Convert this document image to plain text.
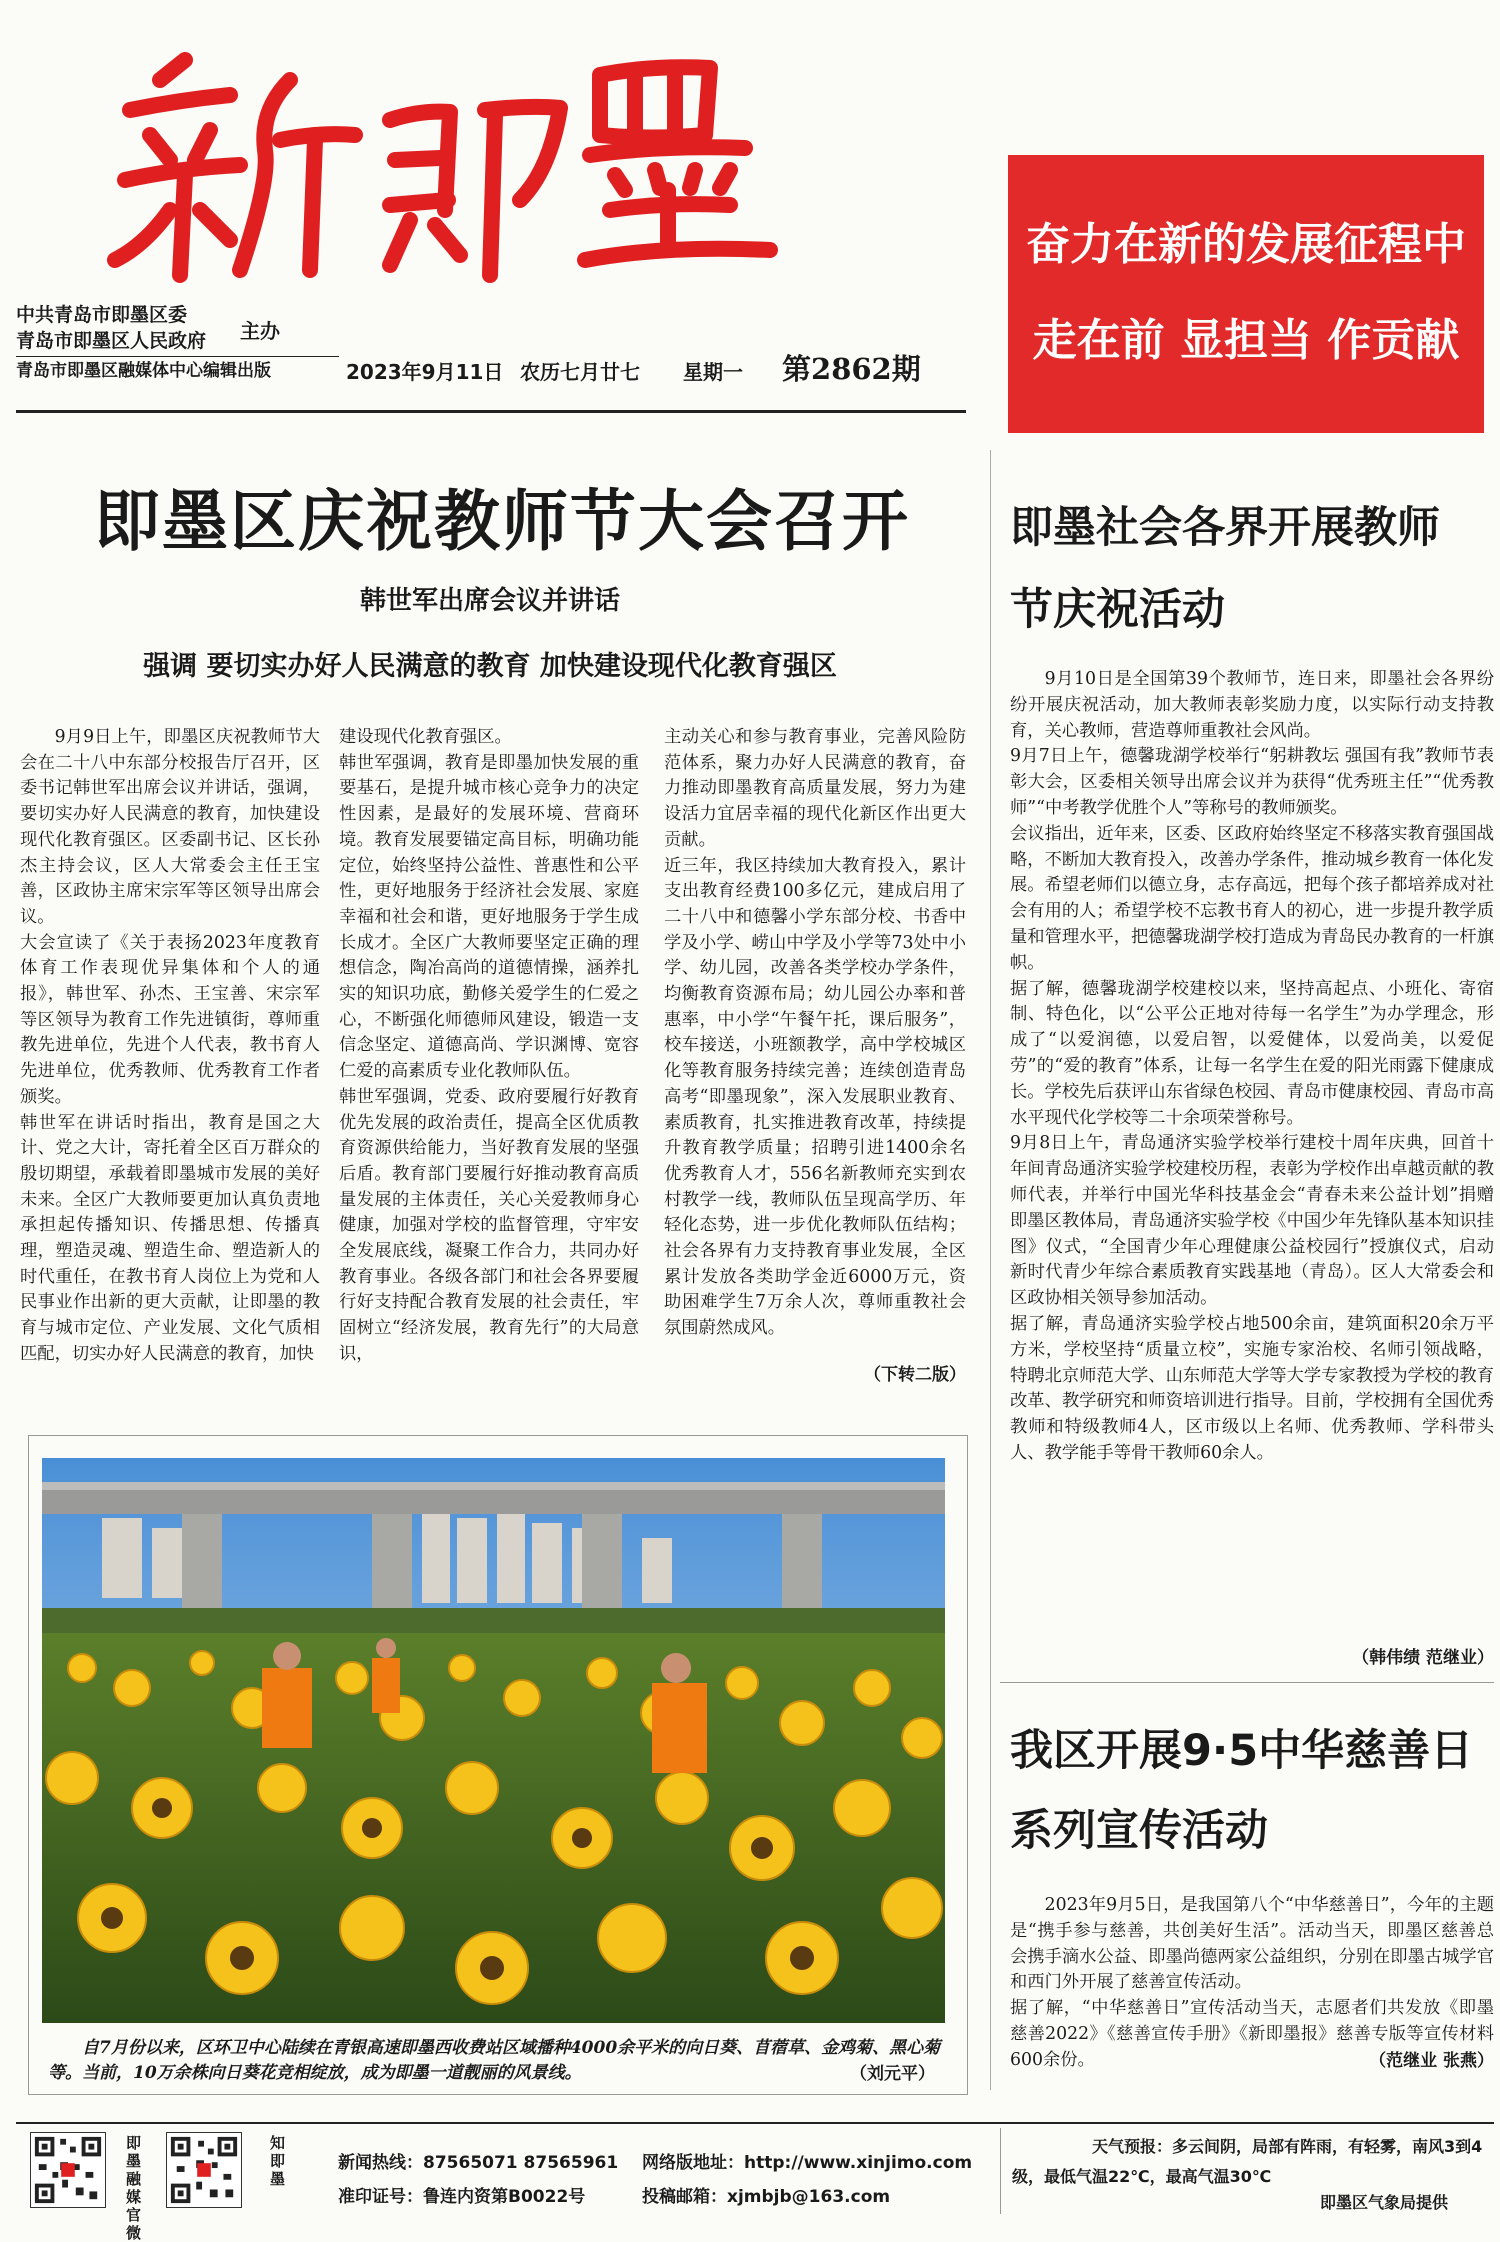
中共青岛市即墨区委
青岛市即墨区人民政府 主办
青岛市即墨区融媒体中心编辑出版	2023年9月11日 农历七月廿七 星期一 第2862期
奋力在新的发展征程中
走在前 显担当 作贡献
即墨区庆祝教师节大会召开
韩世军出席会议并讲话
强调 要切实办好人民满意的教育 加快建设现代化教育强区
9月9日上午，即墨区庆祝教师节大会在二十八中东部分校报告厅召开，区委书记韩世军出席会议并讲话，强调，要切实办好人民满意的教育，加快建设现代化教育强区。区委副书记、区长孙杰主持会议，区人大常委会主任王宝善，区政协主席宋宗军等区领导出席会议。
大会宣读了《关于表扬2023年度教育体育工作表现优异集体和个人的通报》，韩世军、孙杰、王宝善、宋宗军等区领导为教育工作先进镇街，尊师重教先进单位，先进个人代表，教书育人先进单位，优秀教师、优秀教育工作者颁奖。
韩世军在讲话时指出，教育是国之大计、党之大计，寄托着全区百万群众的殷切期望，承载着即墨城市发展的美好未来。全区广大教师要更加认真负责地承担起传播知识、传播思想、传播真理，塑造灵魂、塑造生命、塑造新人的时代重任，在教书育人岗位上为党和人民事业作出新的更大贡献，让即墨的教育与城市定位、产业发展、文化气质相匹配，切实办好人民满意的教育，加快
建设现代化教育强区。
韩世军强调，教育是即墨加快发展的重要基石，是提升城市核心竞争力的决定性因素，是最好的发展环境、营商环境。教育发展要锚定高目标，明确功能定位，始终坚持公益性、普惠性和公平性，更好地服务于经济社会发展、家庭幸福和社会和谐，更好地服务于学生成长成才。全区广大教师要坚定正确的理想信念，陶冶高尚的道德情操，涵养扎实的知识功底，勤修关爱学生的仁爱之心，不断强化师德师风建设，锻造一支信念坚定、道德高尚、学识渊博、宽容仁爱的高素质专业化教师队伍。
韩世军强调，党委、政府要履行好教育优先发展的政治责任，提高全区优质教育资源供给能力，当好教育发展的坚强后盾。教育部门要履行好推动教育高质量发展的主体责任，关心关爱教师身心健康，加强对学校的监督管理，守牢安全发展底线，凝聚工作合力，共同办好教育事业。各级各部门和社会各界要履行好支持配合教育发展的社会责任，牢固树立“经济发展，教育先行”的大局意识，
主动关心和参与教育事业，完善风险防范体系，聚力办好人民满意的教育，奋力推动即墨教育高质量发展，努力为建设活力宜居幸福的现代化新区作出更大贡献。
近三年，我区持续加大教育投入，累计支出教育经费100多亿元，建成启用了二十八中和德馨小学东部分校、书香中学及小学、崂山中学及小学等73处中小学、幼儿园，改善各类学校办学条件，均衡教育资源布局；幼儿园公办率和普惠率，中小学“午餐午托，课后服务”，校车接送，小班额教学，高中学校城区化等教育服务持续完善；连续创造青岛高考“即墨现象”，深入发展职业教育、素质教育，扎实推进教育改革，持续提升教育教学质量；招聘引进1400余名优秀教育人才，556名新教师充实到农村教学一线，教师队伍呈现高学历、年轻化态势，进一步优化教师队伍结构；社会各界有力支持教育事业发展，全区累计发放各类助学金近6000万元，资助困难学生7万余人次，尊师重教社会氛围蔚然成风。
（下转二版）
自7月份以来，区环卫中心陆续在青银高速即墨西收费站区域播种4000余平米的向日葵、苜蓿草、金鸡菊、黑心菊等。当前，10万余株向日葵花竞相绽放，成为即墨一道靓丽的风景线。	（刘元平）
即墨社会各界开展教师
节庆祝活动
9月10日是全国第39个教师节，连日来，即墨社会各界纷纷开展庆祝活动，加大教师表彰奖励力度，以实际行动支持教育，关心教师，营造尊师重教社会风尚。
9月7日上午，德馨珑湖学校举行“躬耕教坛 强国有我”教师节表彰大会，区委相关领导出席会议并为获得“优秀班主任”“优秀教师”“中考教学优胜个人”等称号的教师颁奖。
会议指出，近年来，区委、区政府始终坚定不移落实教育强国战略，不断加大教育投入，改善办学条件，推动城乡教育一体化发展。希望老师们以德立身，志存高远，把每个孩子都培养成对社会有用的人；希望学校不忘教书育人的初心，进一步提升教学质量和管理水平，把德馨珑湖学校打造成为青岛民办教育的一杆旗帜。
据了解，德馨珑湖学校建校以来，坚持高起点、小班化、寄宿制、特色化，以“公平公正地对待每一名学生”为办学理念，形成了“以爱润德，以爱启智，以爱健体，以爱尚美，以爱促劳”的“爱的教育”体系，让每一名学生在爱的阳光雨露下健康成长。学校先后获评山东省绿色校园、青岛市健康校园、青岛市高水平现代化学校等二十余项荣誉称号。
9月8日上午，青岛通济实验学校举行建校十周年庆典，回首十年间青岛通济实验学校建校历程，表彰为学校作出卓越贡献的教师代表，并举行中国光华科技基金会“青春未来公益计划”捐赠即墨区教体局，青岛通济实验学校《中国少年先锋队基本知识挂图》仪式，“全国青少年心理健康公益校园行”授旗仪式，启动新时代青少年综合素质教育实践基地（青岛）。区人大常委会和区政协相关领导参加活动。
据了解，青岛通济实验学校占地500余亩，建筑面积20余万平方米，学校坚持“质量立校”，实施专家治校、名师引领战略，特聘北京师范大学、山东师范大学等大学专家教授为学校的教育改革、教学研究和师资培训进行指导。目前，学校拥有全国优秀教师和特级教师4人，区市级以上名师、优秀教师、学科带头人、教学能手等骨干教师60余人。
（韩伟绩 范继业）
我区开展9·5中华慈善日
系列宣传活动
2023年9月5日，是我国第八个“中华慈善日”，今年的主题是“携手参与慈善，共创美好生活”。活动当天，即墨区慈善总会携手滴水公益、即墨尚德两家公益组织，分别在即墨古城学官和西门外开展了慈善宣传活动。
据了解，“中华慈善日”宣传活动当天，志愿者们共发放《即墨慈善2022》《慈善宣传手册》《新即墨报》慈善专版等宣传材料600余份。	（范继业 张燕）
即墨融媒官微
知即墨
新闻热线：87565071 87565961
准印证号：鲁连内资第B0022号
网络版地址：http://www.xinjimo.com
投稿邮箱：xjmbjb@163.com
天气预报：多云间阴，局部有阵雨，有轻雾，南风3到4级，最低气温22℃，最高气温30℃
即墨区气象局提供
